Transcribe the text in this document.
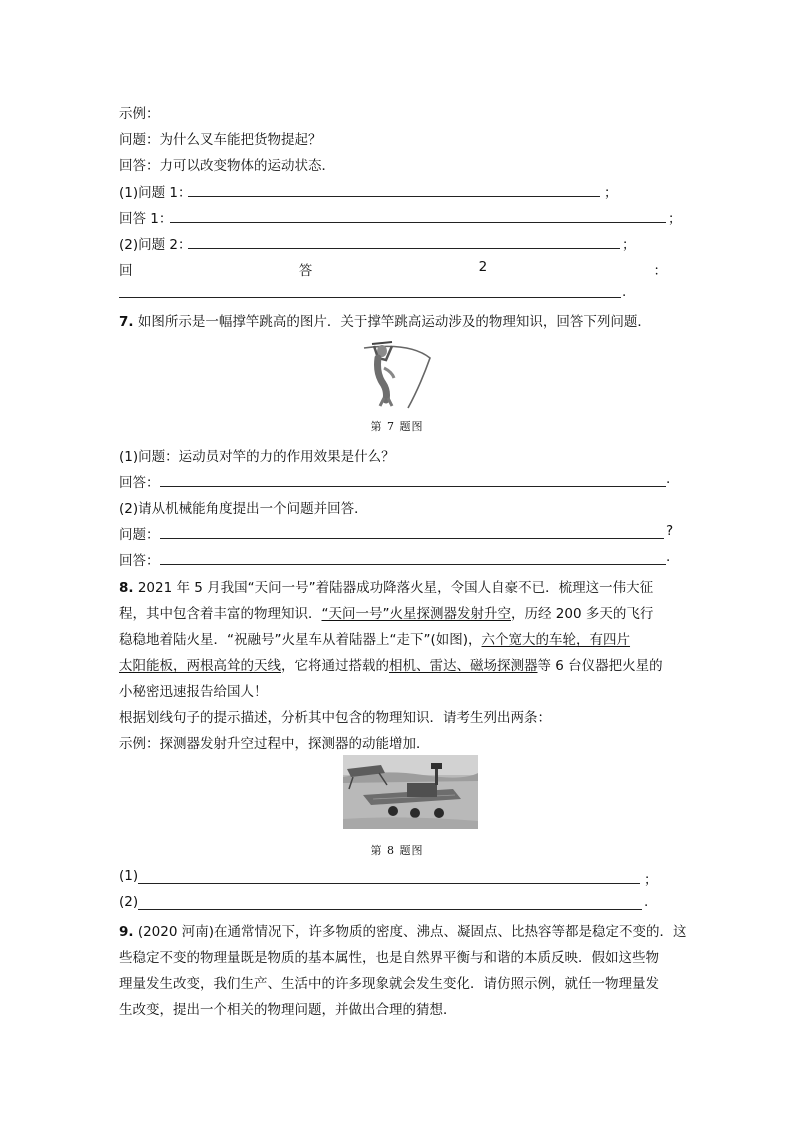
示例：
问题：为什么叉车能把货物提起？
回答：力可以改变物体的运动状态．
(1)问题 1：	；
回答 1：	；
(2)问题 2：	；
回	答	2	：
.
7. 如图所示是一幅撑竿跳高的图片．关于撑竿跳高运动涉及的物理知识，回答下列问题．
第 7 题图
(1)问题：运动员对竿的力的作用效果是什么？
回答：	.
(2)请从机械能角度提出一个问题并回答．
问题：	?
回答：	.
8. 2021 年 5 月我国“天问一号”着陆器成功降落火星，令国人自豪不已．梳理这一伟大征
程，其中包含着丰富的物理知识．“天问一号”火星探测器发射升空，历经 200 多天的飞行
稳稳地着陆火星．“祝融号”火星车从着陆器上“走下”(如图)，六个宽大的车轮，有四片
太阳能板，两根高耸的天线，它将通过搭载的相机、雷达、磁场探测器等 6 台仪器把火星的
小秘密迅速报告给国人！
根据划线句子的提示描述，分析其中包含的物理知识．请考生列出两条：
示例：探测器发射升空过程中，探测器的动能增加．
第 8 题图
(1)	；
(2)	.
9. (2020 河南)在通常情况下，许多物质的密度、沸点、凝固点、比热容等都是稳定不变的．这
些稳定不变的物理量既是物质的基本属性，也是自然界平衡与和谐的本质反映．假如这些物
理量发生改变，我们生产、生活中的许多现象就会发生变化．请仿照示例，就任一物理量发
生改变，提出一个相关的物理问题，并做出合理的猜想．
